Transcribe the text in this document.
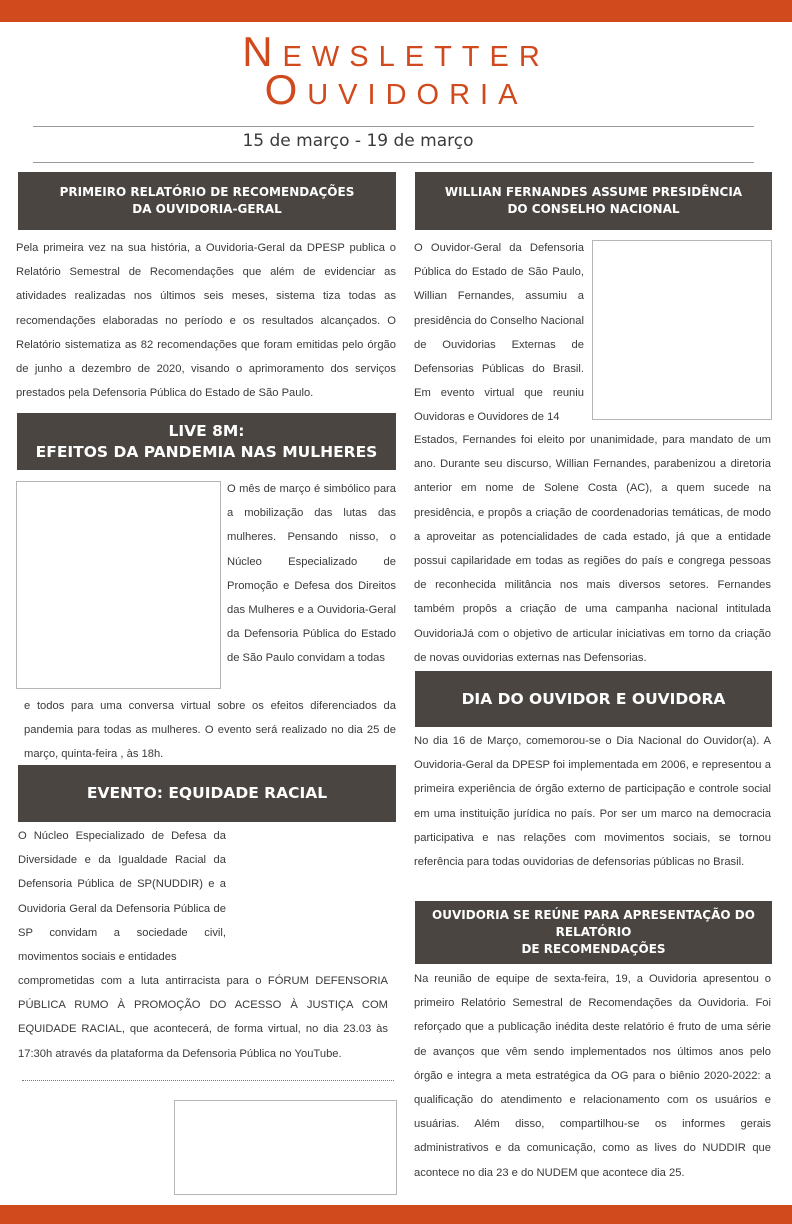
Newsletter
Ouvidoria
15 de março - 19 de março
PRIMEIRO RELATÓRIO DE RECOMENDAÇÕES
DA OUVIDORIA-GERAL
Pela primeira vez na sua história, a Ouvidoria-Geral da DPESP publica o Relatório Semestral de Recomendações que além de evidenciar as atividades realizadas nos últimos seis meses, sistema tiza todas as recomendações elaboradas no período e os resultados alcançados. O Relatório sistematiza as 82 recomendações que foram emitidas pelo órgão de junho a dezembro de 2020, visando o aprimoramento dos serviços prestados pela Defensoria Pública do Estado de São Paulo.
LIVE 8M:
EFEITOS DA PANDEMIA NAS MULHERES
O mês de março é simbólico para a mobilização das lutas das mulheres. Pensando nisso, o Núcleo Especializado de Promoção e Defesa dos Direitos das Mulheres e a Ouvidoria-Geral da Defensoria Pública do Estado de São Paulo convidam a todas
e todos para uma conversa virtual sobre os efeitos diferenciados da pandemia para todas as mulheres. O evento será realizado no dia 25 de março, quinta-feira , às 18h.
EVENTO: EQUIDADE RACIAL
O Núcleo Especializado de Defesa da Diversidade e da Igualdade Racial da Defensoria Pública de SP(NUDDIR) e a Ouvidoria Geral da Defensoria Pública de SP convidam a sociedade civil, movimentos sociais e entidades
comprometidas com a luta antirracista para o FÓRUM DEFENSORIA PÚBLICA RUMO À PROMOÇÃO DO ACESSO À JUSTIÇA COM EQUIDADE RACIAL, que acontecerá, de forma virtual, no dia 23.03 às 17:30h através da plataforma da Defensoria Pública no YouTube.
WILLIAN FERNANDES ASSUME PRESIDÊNCIA
DO CONSELHO NACIONAL
O Ouvidor-Geral da Defensoria Pública do Estado de São Paulo, Willian Fernandes, assumiu a presidência do Conselho Nacional de Ouvidorias Externas de Defensorias Públicas do Brasil. Em evento virtual que reuniu Ouvidoras e Ouvidores de 14
Estados, Fernandes foi eleito por unanimidade, para mandato de um ano. Durante seu discurso, Willian Fernandes, parabenizou a diretoria anterior em nome de Solene Costa (AC), a quem sucede na presidência, e propôs a criação de coordenadorias temáticas, de modo a aproveitar as potencialidades de cada estado, já que a entidade possui capilaridade em todas as regiões do país e congrega pessoas de reconhecida militância nos mais diversos setores. Fernandes também propôs a criação de uma campanha nacional intitulada OuvidoriaJá com o objetivo de articular iniciativas em torno da criação de novas ouvidorias externas nas Defensorias.
DIA DO OUVIDOR E OUVIDORA
No dia 16 de Março, comemorou-se o Dia Nacional do Ouvidor(a). A Ouvidoria-Geral da DPESP foi implementada em 2006, e representou a primeira experiência de órgão externo de participação e controle social em uma instituição jurídica no país. Por ser um marco na democracia participativa e nas relações com movimentos sociais, se tornou referência para todas ouvidorias de defensorias públicas no Brasil.
OUVIDORIA SE REÚNE PARA APRESENTAÇÃO DO RELATÓRIO
DE RECOMENDAÇÕES
Na reunião de equipe de sexta-feira, 19, a Ouvidoria apresentou o primeiro Relatório Semestral de Recomendações da Ouvidoria. Foi reforçado que a publicação inédita deste relatório é fruto de uma série de avanços que vêm sendo implementados nos últimos anos pelo órgão e integra a meta estratégica da OG para o biênio 2020-2022: a qualificação do atendimento e relacionamento com os usuários e usuárias. Além disso, compartilhou-se os informes gerais administrativos e da comunicação, como as lives do NUDDIR que acontece no dia 23 e do NUDEM que acontece dia 25.
